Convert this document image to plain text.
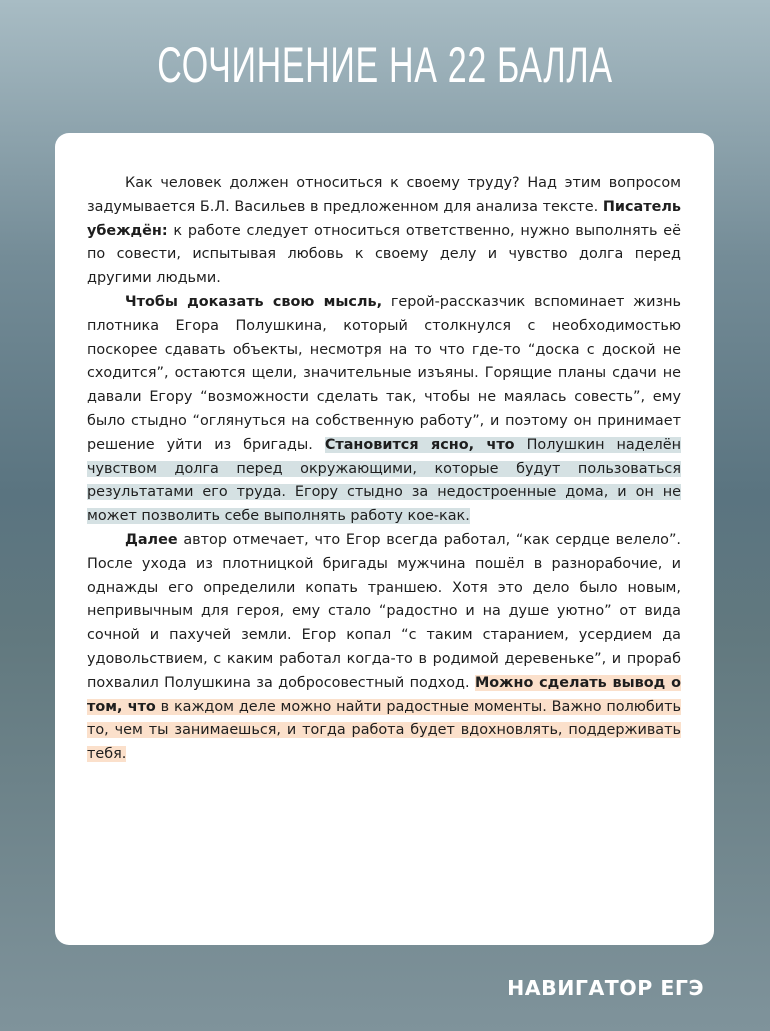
СОЧИНЕНИЕ НА 22 БАЛЛА

Как человек должен относиться к своему труду? Над этим вопросом задумывается Б.Л. Васильев в предложенном для анализа тексте. Писатель убеждён: к работе следует относиться ответственно, нужно выполнять её по совести, испытывая любовь к своему делу и чувство долга перед другими людьми.

Чтобы доказать свою мысль, герой-рассказчик вспоминает жизнь плотника Егора Полушкина, который столкнулся с необходимостью поскорее сдавать объекты, несмотря на то что где-то “доска с доской не сходится”, остаются щели, значительные изъяны. Горящие планы сдачи не давали Егору “возможности сделать так, чтобы не маялась совесть”, ему было стыдно “оглянуться на собственную работу”, и поэтому он принимает решение уйти из бригады. Становится ясно, что Полушкин наделён чувством долга перед окружающими, которые будут пользоваться результатами его труда. Егору стыдно за недостроенные дома, и он не может позволить себе выполнять работу кое-как.

Далее автор отмечает, что Егор всегда работал, “как сердце велело”. После ухода из плотницкой бригады мужчина пошёл в разнорабочие, и однажды его определили копать траншею. Хотя это дело было новым, непривычным для героя, ему стало “радостно и на душе уютно” от вида сочной и пахучей земли. Егор копал “с таким старанием, усердием да удовольствием, с каким работал когда-то в родимой деревеньке”, и прораб похвалил Полушкина за добросовестный подход. Можно сделать вывод о том, что в каждом деле можно найти радостные моменты. Важно полюбить то, чем ты занимаешься, и тогда работа будет вдохновлять, поддерживать тебя.

НАВИГАТОР ЕГЭ
